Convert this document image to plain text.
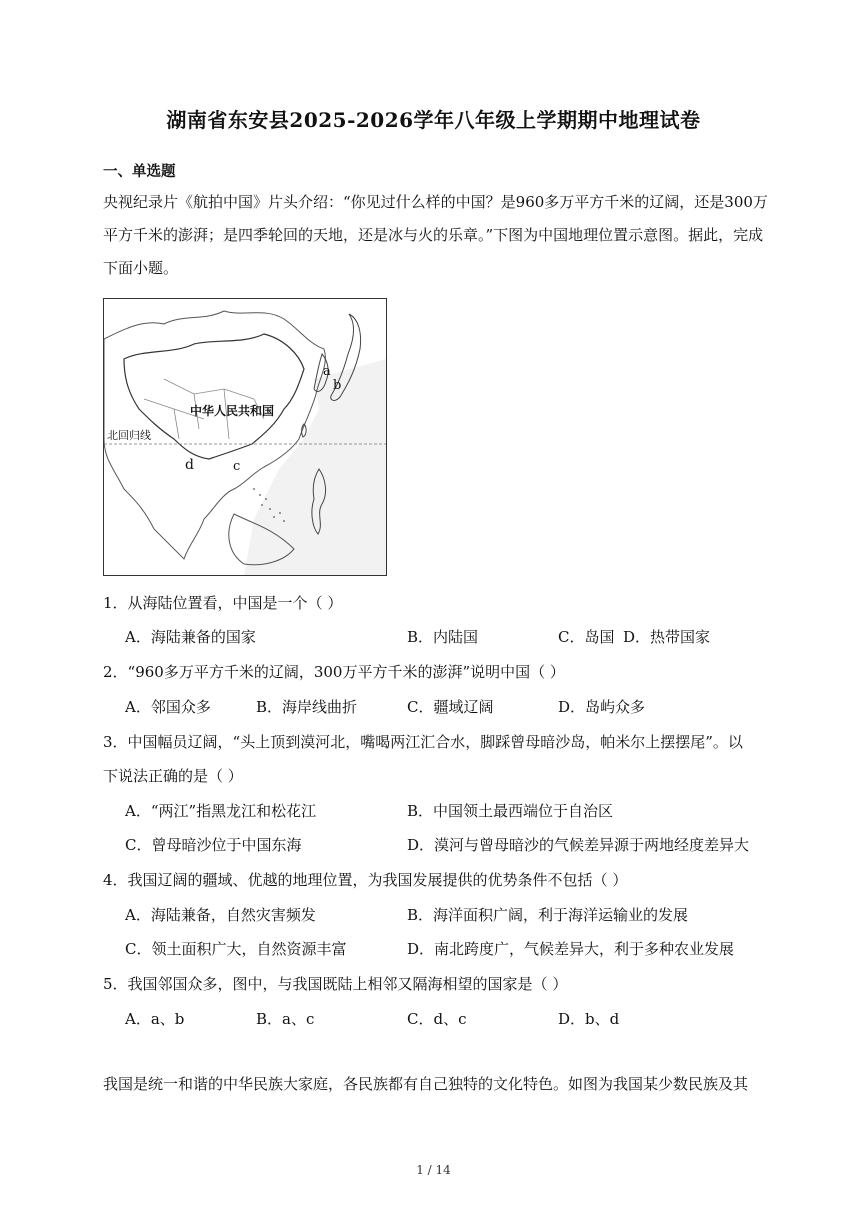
湖南省东安县2025-2026学年八年级上学期期中地理试卷
一、单选题
央视纪录片《航拍中国》片头介绍：“你见过什么样的中国？是960多万平方千米的辽阔，还是300万平方千米的澎湃；是四季轮回的天地，还是冰与火的乐章。”下图为中国地理位置示意图。据此，完成下面小题。
中华人民共和国
北回归线
a
b
c
d
1．从海陆位置看，中国是一个（ ）
A．海陆兼备的国家	B．内陆国	C．岛国 D．热带国家
2．“960多万平方千米的辽阔，300万平方千米的澎湃”说明中国（ ）
A．邻国众多	B．海岸线曲折	C．疆域辽阔	D．岛屿众多
3．中国幅员辽阔，“头上顶到漠河北，嘴喝两江汇合水，脚踩曾母暗沙岛，帕米尔上摆摆尾”。以
下说法正确的是（ ）
A．“两江”指黑龙江和松花江	B．中国领土最西端位于自治区
C．曾母暗沙位于中国东海	D．漠河与曾母暗沙的气候差异源于两地经度差异大
4．我国辽阔的疆域、优越的地理位置，为我国发展提供的优势条件不包括（ ）
A．海陆兼备，自然灾害频发	B．海洋面积广阔，利于海洋运输业的发展
C．领土面积广大，自然资源丰富	D．南北跨度广，气候差异大，利于多种农业发展
5．我国邻国众多，图中，与我国既陆上相邻又隔海相望的国家是（ ）
A．a、b	B．a、c	C．d、c	D．b、d
我国是统一和谐的中华民族大家庭，各民族都有自己独特的文化特色。如图为我国某少数民族及其
1 / 14
